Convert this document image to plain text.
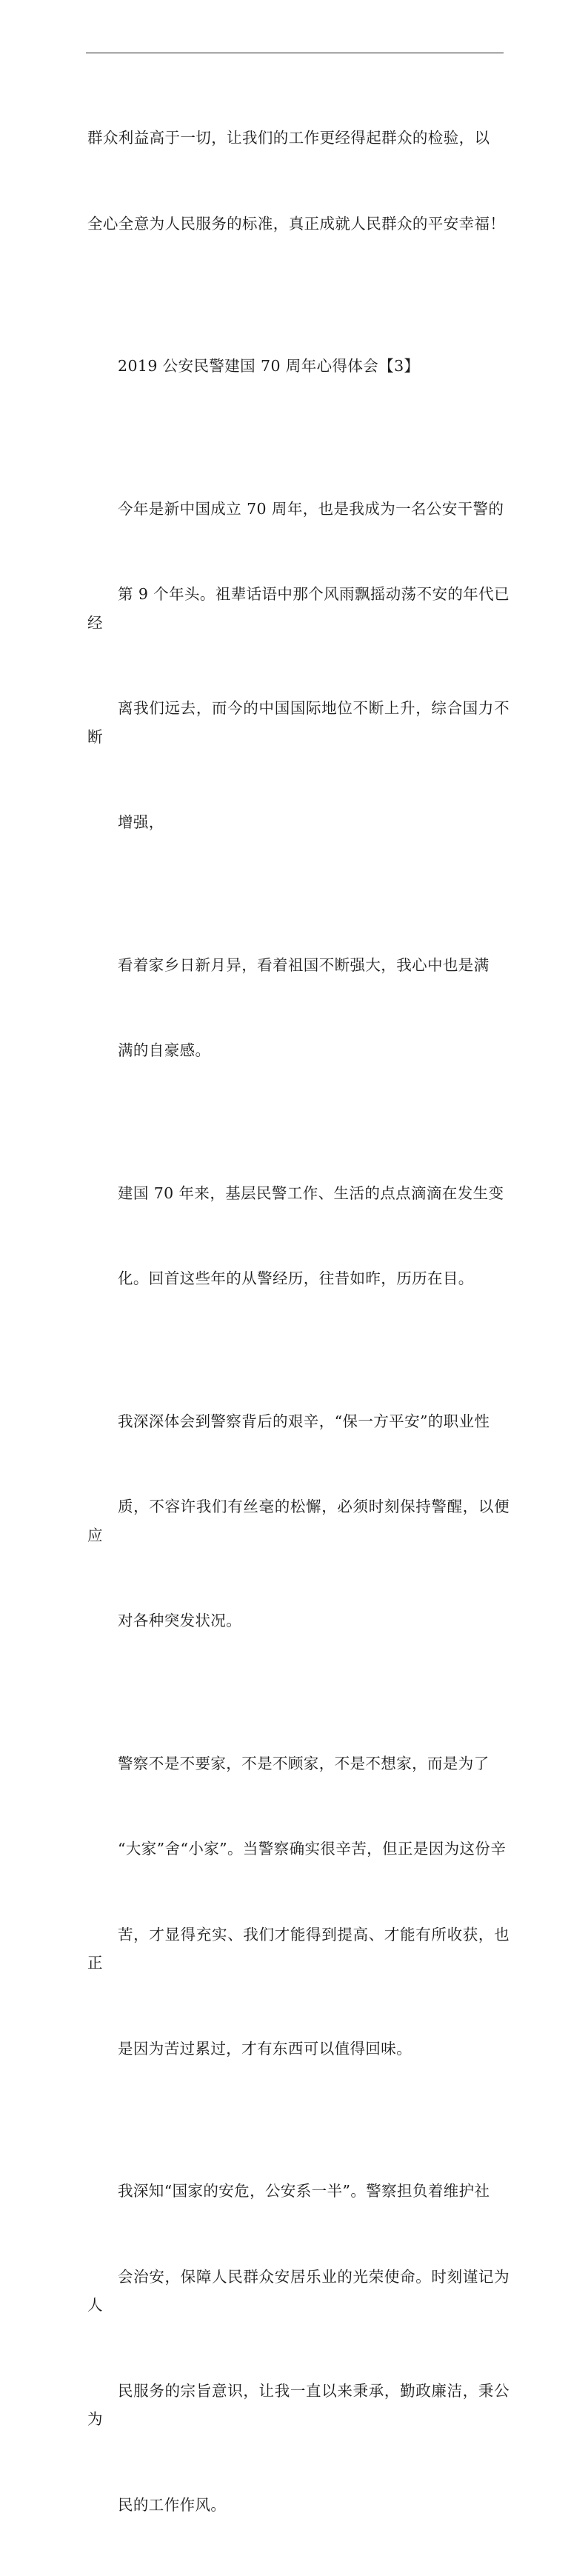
群众利益高于一切，让我们的工作更经得起群众的检验，以

全心全意为人民服务的标准，真正成就人民群众的平安幸福！

2019 公安民警建国 70 周年心得体会【3】

今年是新中国成立 70 周年，也是我成为一名公安干警的

第 9 个年头。祖辈话语中那个风雨飘摇动荡不安的年代已经

离我们远去，而今的中国国际地位不断上升，综合国力不断

增强，

看着家乡日新月异，看着祖国不断强大，我心中也是满

满的自豪感。

建国 70 年来，基层民警工作、生活的点点滴滴在发生变

化。回首这些年的从警经历，往昔如昨，历历在目。

我深深体会到警察背后的艰辛，“保一方平安”的职业性

质，不容许我们有丝毫的松懈，必须时刻保持警醒，以便应

对各种突发状况。

警察不是不要家，不是不顾家，不是不想家，而是为了

“大家”舍“小家”。当警察确实很辛苦，但正是因为这份辛

苦，才显得充实、我们才能得到提高、才能有所收获，也正

是因为苦过累过，才有东西可以值得回味。

我深知“国家的安危，公安系一半”。警察担负着维护社

会治安，保障人民群众安居乐业的光荣使命。时刻谨记为人

民服务的宗旨意识，让我一直以来秉承，勤政廉洁，秉公为

民的工作作风。
